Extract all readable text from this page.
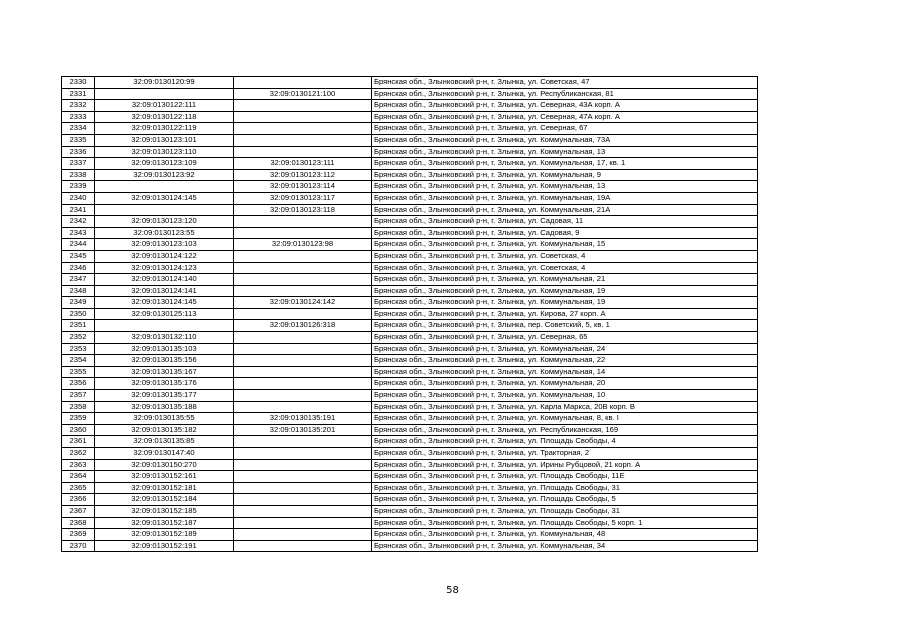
2330	32:09:0130120:99		Брянская обл., Злынковский р-н, г. Злынка, ул. Советская, 47
2331		32:09:0130121:100	Брянская обл., Злынковский р-н, г. Злынка, ул. Республиканская, 81
2332	32:09:0130122:111		Брянская обл., Злынковский р-н, г. Злынка, ул. Северная, 43А корп. А
2333	32:09:0130122:118		Брянская обл., Злынковский р-н, г. Злынка, ул. Северная, 47А корп. А
2334	32:09:0130122:119		Брянская обл., Злынковский р-н, г. Злынка, ул. Северная, 67
2335	32:09:0130123:101		Брянская обл., Злынковский р-н, г. Злынка, ул. Коммунальная, 73А
2336	32:09:0130123:110		Брянская обл., Злынковский р-н, г. Злынка, ул. Коммунальная, 13
2337	32:09:0130123:109	32:09:0130123:111	Брянская обл., Злынковский р-н, г. Злынка, ул. Коммунальная, 17, кв. 1
2338	32:09:0130123:92	32:09:0130123:112	Брянская обл., Злынковский р-н, г. Злынка, ул. Коммунальная, 9
2339		32:09:0130123:114	Брянская обл., Злынковский р-н, г. Злынка, ул. Коммунальная, 13
2340	32:09:0130124:145	32:09:0130123:117	Брянская обл., Злынковский р-н, г. Злынка, ул. Коммунальная, 19А
2341		32:09:0130123:118	Брянская обл., Злынковский р-н, г. Злынка, ул. Коммунальная, 21А
2342	32:09:0130123:120		Брянская обл., Злынковский р-н, г. Злынка, ул. Садовая, 11
2343	32:09:0130123:55		Брянская обл., Злынковский р-н, г. Злынка, ул. Садовая, 9
2344	32:09:0130123:103	32:09:0130123:98	Брянская обл., Злынковский р-н, г. Злынка, ул. Коммунальная, 15
2345	32:09:0130124:122		Брянская обл., Злынковский р-н, г. Злынка, ул. Советская, 4
2346	32:09:0130124:123		Брянская обл., Злынковский р-н, г. Злынка, ул. Советская, 4
2347	32:09:0130124:140		Брянская обл., Злынковский р-н, г. Злынка, ул. Коммунальная, 21
2348	32:09:0130124:141		Брянская обл., Злынковский р-н, г. Злынка, ул. Коммунальная, 19
2349	32:09:0130124:145	32:09:0130124:142	Брянская обл., Злынковский р-н, г. Злынка, ул. Коммунальная, 19
2350	32:09:0130125:113		Брянская обл., Злынковский р-н, г. Злынка, ул. Кирова, 27 корп. А
2351		32:09:0130126:318	Брянская обл., Злынковский р-н, г. Злынка, пер. Советский, 5, кв. 1
2352	32:09:0130132:110		Брянская обл., Злынковский р-н, г. Злынка, ул. Северная, 65
2353	32:09:0130135:103		Брянская обл., Злынковский р-н, г. Злынка, ул. Коммунальная, 24
2354	32:09:0130135:156		Брянская обл., Злынковский р-н, г. Злынка, ул. Коммунальная, 22
2355	32:09:0130135:167		Брянская обл., Злынковский р-н, г. Злынка, ул. Коммунальная, 14
2356	32:09:0130135:176		Брянская обл., Злынковский р-н, г. Злынка, ул. Коммунальная, 20
2357	32:09:0130135:177		Брянская обл., Злынковский р-н, г. Злынка, ул. Коммунальная, 10
2358	32:09:0130135:188		Брянская обл., Злынковский р-н, г. Злынка, ул. Карла Маркса, 20В корп. В
2359	32:09:0130135:55	32:09:0130135:191	Брянская обл., Злынковский р-н, г. Злынка, ул. Коммунальная, 8, кв. I
2360	32:09:0130135:182	32:09:0130135:201	Брянская обл., Злынковский р-н, г. Злынка, ул. Республиканская, 169
2361	32:09:0130135:85		Брянская обл., Злынковский р-н, г. Злынка, ул. Площадь Свободы, 4
2362	32:09:0130147:40		Брянская обл., Злынковский р-н, г. Злынка, ул. Тракторная, 2
2363	32:09:0130150:270		Брянская обл., Злынковский р-н, г. Злынка, ул. Ирины Рубцовой, 21 корп. А
2364	32:09:0130152:161		Брянская обл., Злынковский р-н, г. Злынка, ул. Площадь Свободы, 11Е
2365	32:09:0130152:181		Брянская обл., Злынковский р-н, г. Злынка, ул. Площадь Свободы, 31
2366	32:09:0130152:184		Брянская обл., Злынковский р-н, г. Злынка, ул. Площадь Свободы, 5
2367	32:09:0130152:185		Брянская обл., Злынковский р-н, г. Злынка, ул. Площадь Свободы, 31
2368	32:09:0130152:187		Брянская обл., Злынковский р-н, г. Злынка, ул. Площадь Свободы, 5 корп. 1
2369	32:09:0130152:189		Брянская обл., Злынковский р-н, г. Злынка, ул. Коммунальная, 48
2370	32:09:0130152:191		Брянская обл., Злынковский р-н, г. Злынка, ул. Коммунальная, 34
58
